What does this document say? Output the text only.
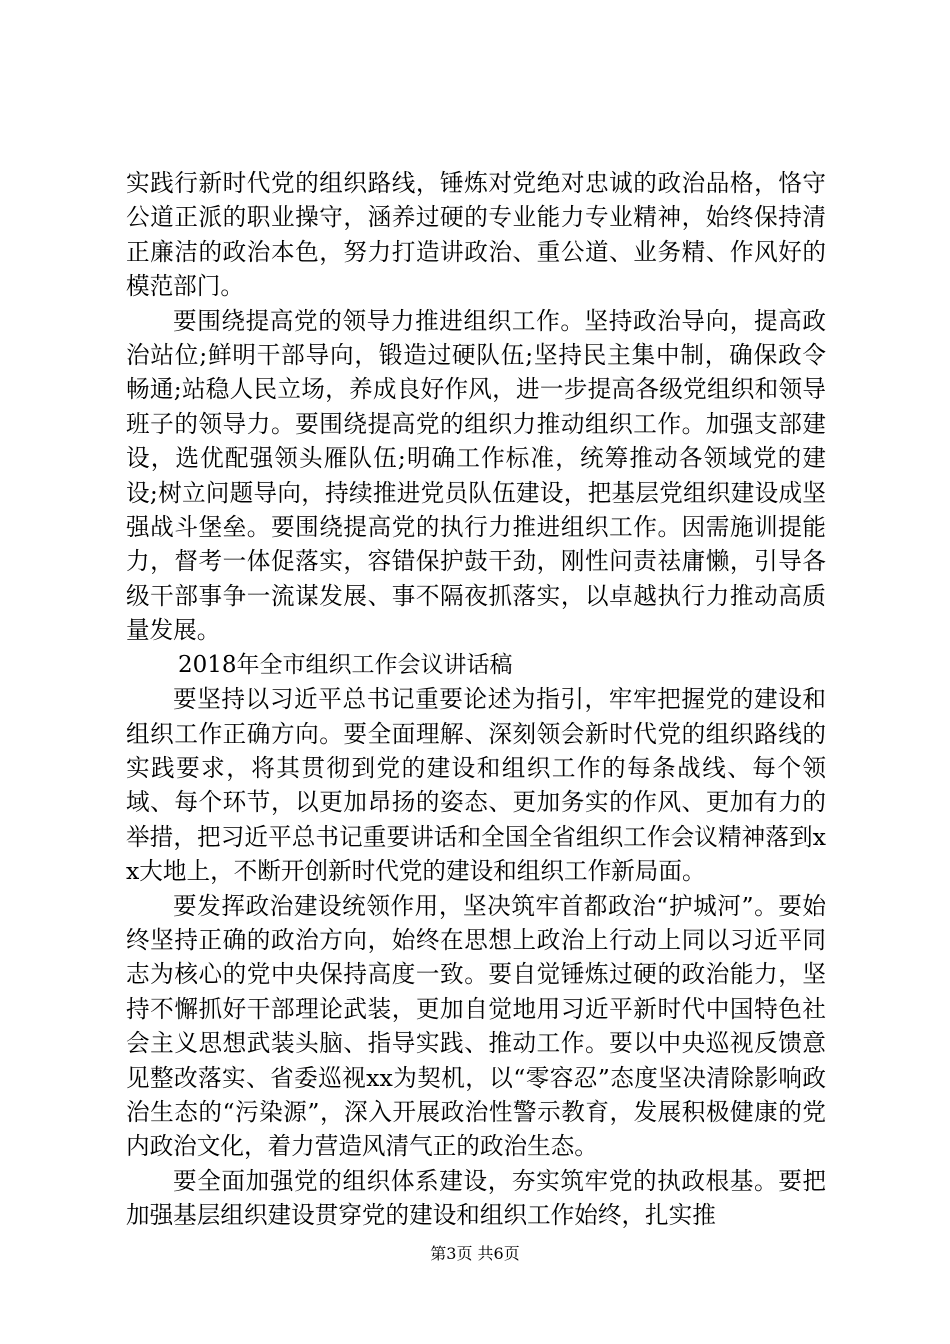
实践行新时代党的组织路线，锤炼对党绝对忠诚的政治品格，恪守公道正派的职业操守，涵养过硬的专业能力专业精神，始终保持清正廉洁的政治本色，努力打造讲政治、重公道、业务精、作风好的模范部门。

要围绕提高党的领导力推进组织工作。坚持政治导向，提高政治站位;鲜明干部导向，锻造过硬队伍;坚持民主集中制，确保政令畅通;站稳人民立场，养成良好作风，进一步提高各级党组织和领导班子的领导力。要围绕提高党的组织力推动组织工作。加强支部建设，选优配强领头雁队伍;明确工作标准，统筹推动各领域党的建设;树立问题导向，持续推进党员队伍建设，把基层党组织建设成坚强战斗堡垒。要围绕提高党的执行力推进组织工作。因需施训提能力，督考一体促落实，容错保护鼓干劲，刚性问责祛庸懒，引导各级干部事争一流谋发展、事不隔夜抓落实，以卓越执行力推动高质量发展。

2018年全市组织工作会议讲话稿

要坚持以习近平总书记重要论述为指引，牢牢把握党的建设和组织工作正确方向。要全面理解、深刻领会新时代党的组织路线的实践要求，将其贯彻到党的建设和组织工作的每条战线、每个领域、每个环节，以更加昂扬的姿态、更加务实的作风、更加有力的举措，把习近平总书记重要讲话和全国全省组织工作会议精神落到xx大地上，不断开创新时代党的建设和组织工作新局面。

要发挥政治建设统领作用，坚决筑牢首都政治“护城河”。要始终坚持正确的政治方向，始终在思想上政治上行动上同以习近平同志为核心的党中央保持高度一致。要自觉锤炼过硬的政治能力，坚持不懈抓好干部理论武装，更加自觉地用习近平新时代中国特色社会主义思想武装头脑、指导实践、推动工作。要以中央巡视反馈意见整改落实、省委巡视xx为契机，以“零容忍”态度坚决清除影响政治生态的“污染源”，深入开展政治性警示教育，发展积极健康的党内政治文化，着力营造风清气正的政治生态。

要全面加强党的组织体系建设，夯实筑牢党的执政根基。要把加强基层组织建设贯穿党的建设和组织工作始终，扎实推

第3页 共6页
